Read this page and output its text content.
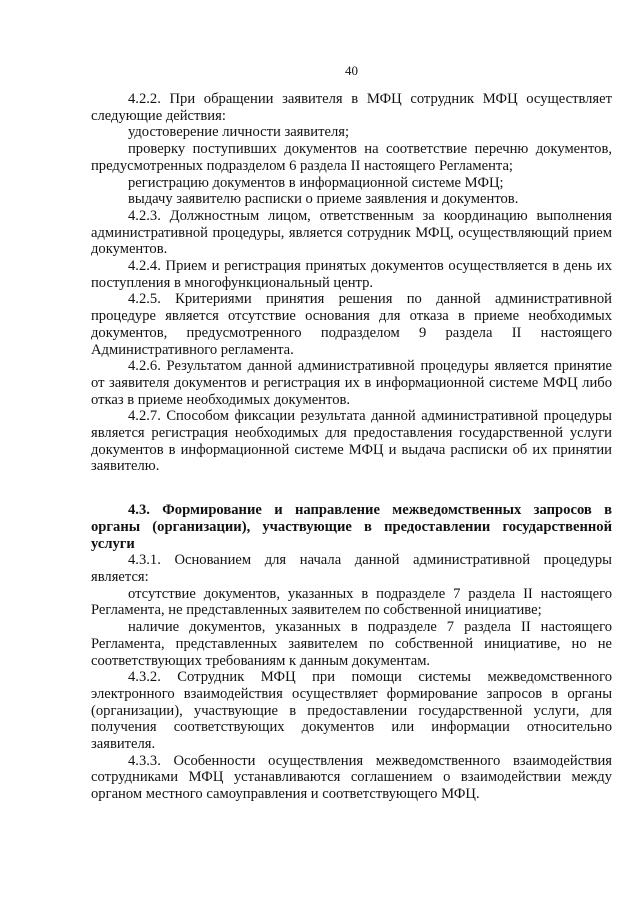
40

4.2.2. При обращении заявителя в МФЦ сотрудник МФЦ осуществляет следующие действия:

удостоверение личности заявителя;

проверку поступивших документов на соответствие перечню документов, предусмотренных подразделом 6 раздела II настоящего Регламента;

регистрацию документов в информационной системе МФЦ;

выдачу заявителю расписки о приеме заявления и документов.

4.2.3. Должностным лицом, ответственным за координацию выполнения административной процедуры, является сотрудник МФЦ, осуществляющий прием документов.

4.2.4. Прием и регистрация принятых документов осуществляется в день их поступления в многофункциональный центр.

4.2.5. Критериями принятия решения по данной административной процедуре является отсутствие основания для отказа в приеме необходимых документов, предусмотренного подразделом 9 раздела II настоящего Административного регламента.

4.2.6. Результатом данной административной процедуры является принятие от заявителя документов и регистрация их в информационной системе МФЦ либо отказ в приеме необходимых документов.

4.2.7. Способом фиксации результата данной административной процедуры является регистрация необходимых для предоставления государственной услуги документов в информационной системе МФЦ и выдача расписки об их принятии заявителю.

4.3. Формирование и направление межведомственных запросов в органы (организации), участвующие в предоставлении государственной услуги

4.3.1. Основанием для начала данной административной процедуры является:

отсутствие документов, указанных в подразделе 7 раздела II настоящего Регламента, не представленных заявителем по собственной инициативе;

наличие документов, указанных в подразделе 7 раздела II настоящего Регламента, представленных заявителем по собственной инициативе, но не соответствующих требованиям к данным документам.

4.3.2. Сотрудник МФЦ при помощи системы межведомственного электронного взаимодействия осуществляет формирование запросов в органы (организации), участвующие в предоставлении государственной услуги, для получения соответствующих документов или информации относительно заявителя.

4.3.3. Особенности осуществления межведомственного взаимодействия сотрудниками МФЦ устанавливаются соглашением о взаимодействии между органом местного самоуправления и соответствующего МФЦ.
